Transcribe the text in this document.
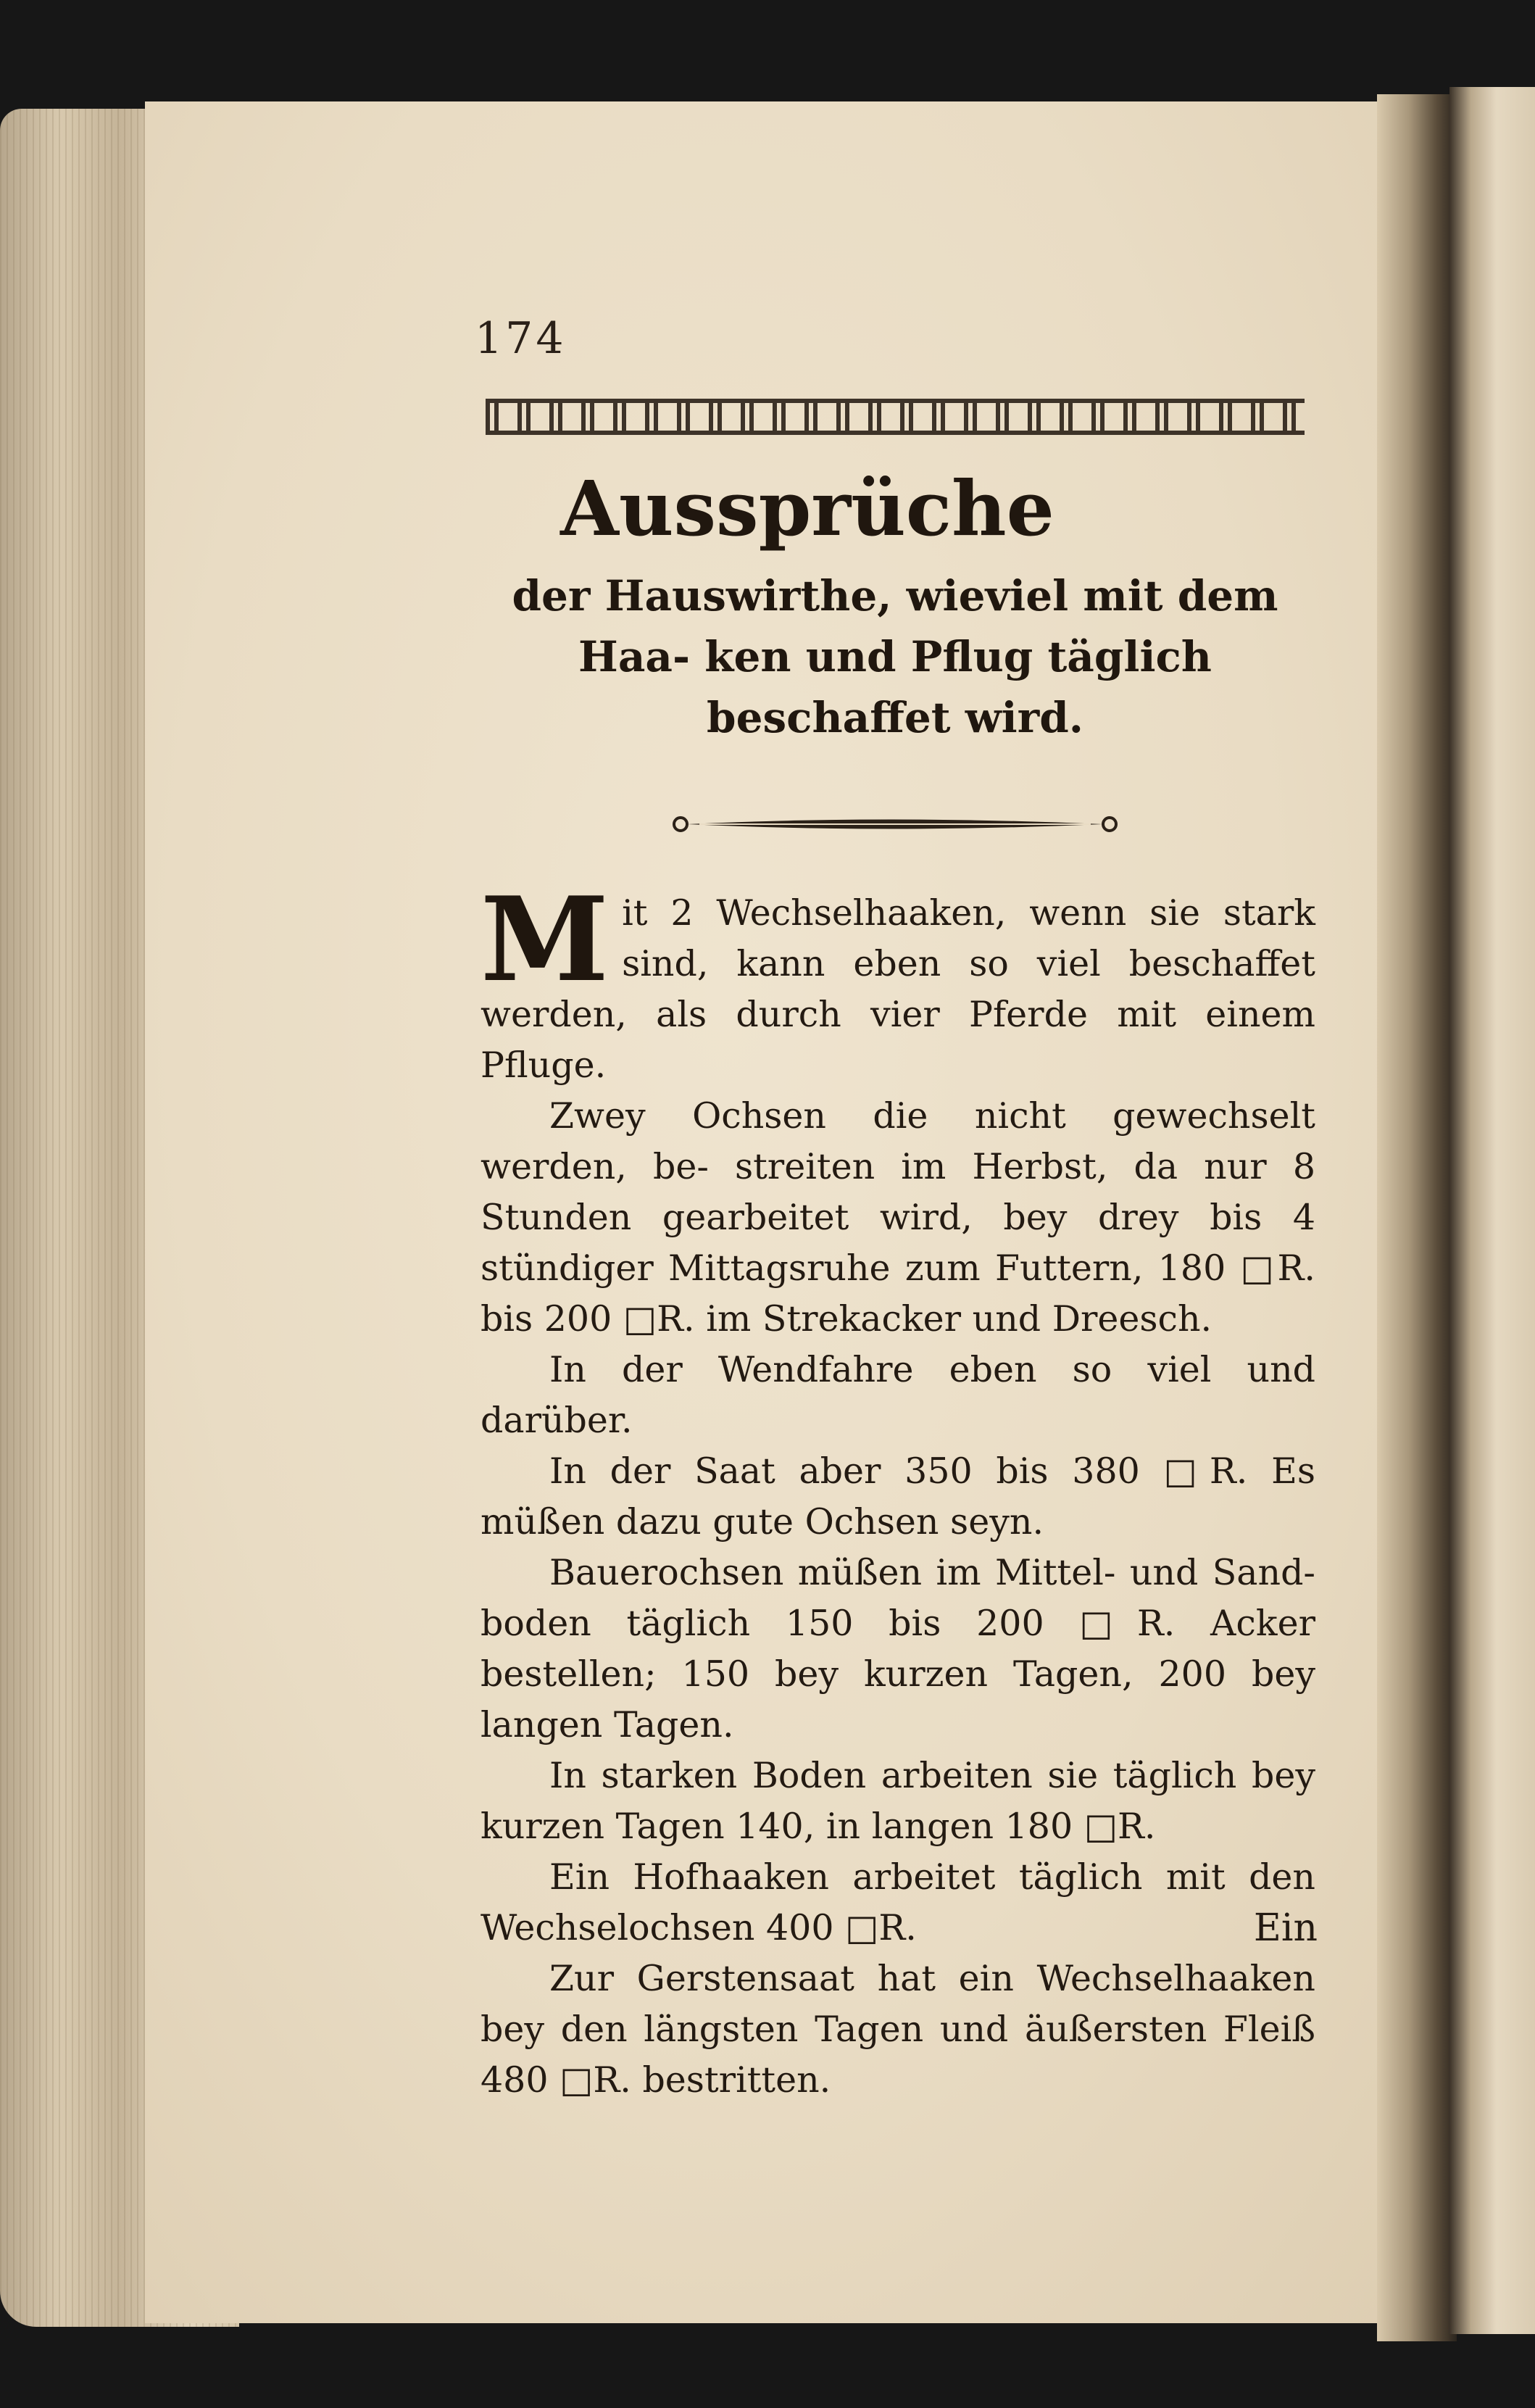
174
Aussprüche
der Hauswirthe, wieviel mit dem Haa- ken und Pflug täglich beschaffet wird.

Mit 2 Wechselhaaken, wenn sie stark sind, kann eben so viel beschaffet werden, als durch vier Pferde mit einem Pfluge.

Zwey Ochsen die nicht gewechselt werden, be- streiten im Herbst, da nur 8 Stunden gearbeitet wird, bey drey bis 4 stündiger Mittagsruhe zum Futtern, 180 □R. bis 200 □R. im Strekacker und Dreesch.

In der Wendfahre eben so viel und darüber.

In der Saat aber 350 bis 380 □R. Es müßen dazu gute Ochsen seyn.

Bauerochsen müßen im Mittel- und Sand- boden täglich 150 bis 200 □R. Acker bestellen; 150 bey kurzen Tagen, 200 bey langen Tagen.

In starken Boden arbeiten sie täglich bey kurzen Tagen 140, in langen 180 □R.

Ein Hofhaaken arbeitet täglich mit den Wechselochsen 400 □R.

Zur Gerstensaat hat ein Wechselhaaken bey den längsten Tagen und äußersten Fleiß 480 □R. bestritten.

Ein
